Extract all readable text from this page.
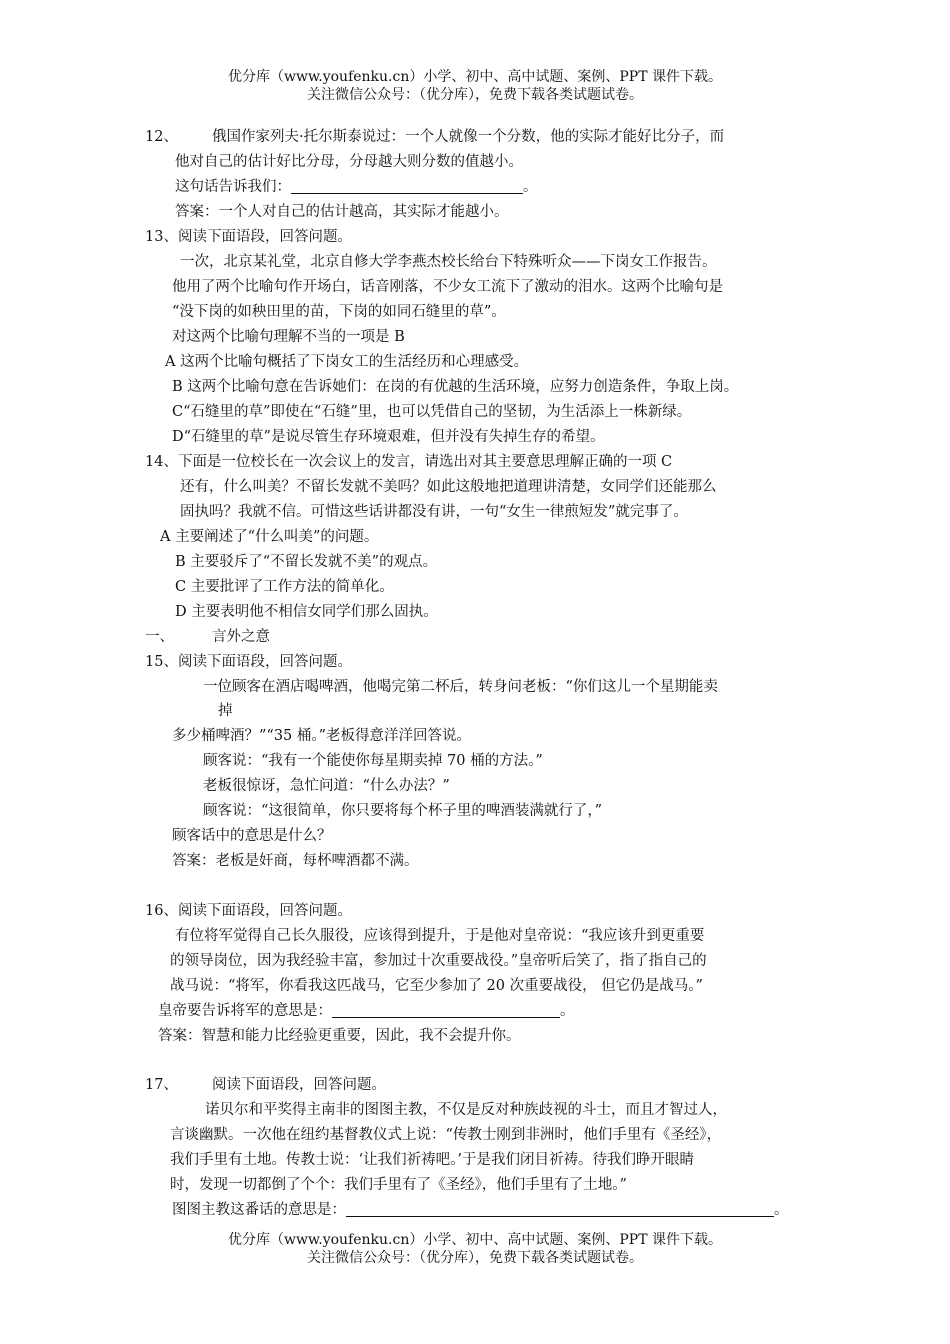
优分库（www.youfenku.cn）小学、初中、高中试题、案例、PPT 课件下载。
关注微信公众号：（优分库），免费下载各类试题试卷。
12、 俄国作家列夫·托尔斯泰说过：一个人就像一个分数，他的实际才能好比分子，而
他对自己的估计好比分母，分母越大则分数的值越小。
这句话告诉我们：	。
答案：一个人对自己的估计越高，其实际才能越小。
13、阅读下面语段，回答问题。
一次，北京某礼堂，北京自修大学李燕杰校长给台下特殊听众——下岗女工作报告。
他用了两个比喻句作开场白，话音刚落，不少女工流下了激动的泪水。这两个比喻句是
“没下岗的如秧田里的苗，下岗的如同石缝里的草”。
对这两个比喻句理解不当的一项是 B
A 这两个比喻句概括了下岗女工的生活经历和心理感受。
B 这两个比喻句意在告诉她们：在岗的有优越的生活环境，应努力创造条件，争取上岗。
C“石缝里的草”即使在“石缝”里，也可以凭借自己的坚韧，为生活添上一株新绿。
D“石缝里的草”是说尽管生存环境艰难，但并没有失掉生存的希望。
14、下面是一位校长在一次会议上的发言，请选出对其主要意思理解正确的一项 C
还有，什么叫美？不留长发就不美吗？如此这般地把道理讲清楚，女同学们还能那么
固执吗？我就不信。可惜这些话讲都没有讲，一句“女生一律煎短发”就完事了。
A 主要阐述了“什么叫美”的问题。
B 主要驳斥了“不留长发就不美”的观点。
C 主要批评了工作方法的简单化。
D 主要表明他不相信女同学们那么固执。
一、	言外之意
15、阅读下面语段，回答问题。
一位顾客在酒店喝啤酒，他喝完第二杯后，转身问老板：“你们这儿一个星期能卖
掉
多少桶啤酒？”“35 桶。”老板得意洋洋回答说。
顾客说：“我有一个能使你每星期卖掉 70 桶的方法。”
老板很惊讶，急忙问道：“什么办法？”
顾客说：“这很简单，你只要将每个杯子里的啤酒装满就行了，”
顾客话中的意思是什么？
答案：老板是奸商，每杯啤酒都不满。
16、阅读下面语段，回答问题。
有位将军觉得自己长久服役，应该得到提升，于是他对皇帝说：“我应该升到更重要
的领导岗位，因为我经验丰富，参加过十次重要战役。”皇帝听后笑了，指了指自己的
战马说：“将军，你看我这匹战马，它至少参加了 20 次重要战役， 但它仍是战马。”
皇帝要告诉将军的意思是：	。
答案：智慧和能力比经验更重要，因此，我不会提升你。
17、 阅读下面语段，回答问题。
诺贝尔和平奖得主南非的图图主教，不仅是反对种族歧视的斗士，而且才智过人，
言谈幽默。一次他在纽约基督教仪式上说：“传教士刚到非洲时，他们手里有《圣经》，
我们手里有土地。传教士说：‘让我们祈祷吧。’于是我们闭目祈祷。待我们睁开眼睛
时，发现一切都倒了个个：我们手里有了《圣经》，他们手里有了土地。”
图图主教这番话的意思是：	。
优分库（www.youfenku.cn）小学、初中、高中试题、案例、PPT 课件下载。
关注微信公众号：（优分库），免费下载各类试题试卷。
